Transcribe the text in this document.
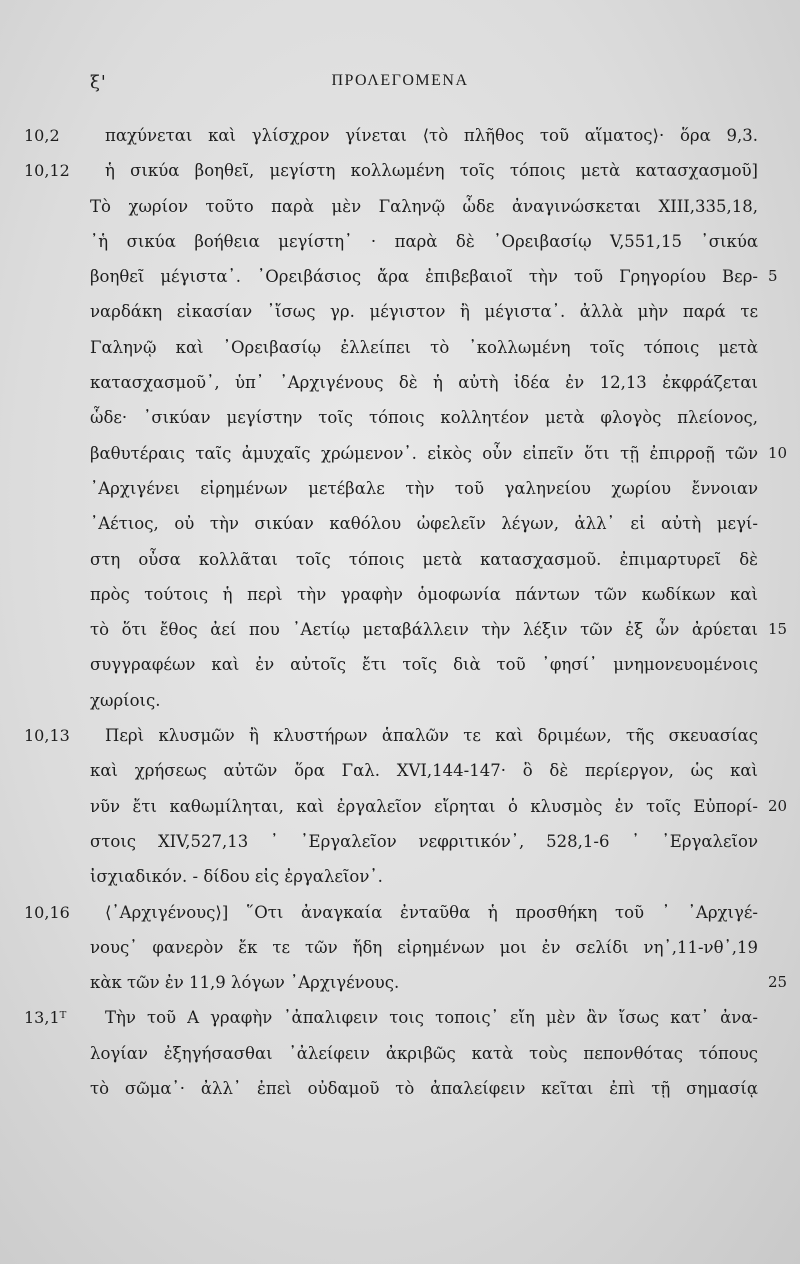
ξ'	ΠΡΟΛΕΓΟΜΕΝΑ
10,2	παχύνεται καὶ γλίσχρον γίνεται ⟨τὸ πλῆθος τοῦ αἵματος⟩· ὅρα 9,3.
10,12	ἡ σικύα βοηθεῖ, μεγίστη κολλωμένη τοῖς τόποις μετὰ κατασχασμοῦ]
Τὸ χωρίον τοῦτο παρὰ μὲν Γαληνῷ ὧδε ἀναγινώσκεται XIII,335,18,
᾿ἡ σικύα βοήθεια μεγίστη᾿ · παρὰ δὲ ᾿Ορειβασίῳ V,551,15 ᾿σικύα
βοηθεῖ μέγιστα᾿. ᾿Ορειβάσιος ἄρα ἐπιβεβαιοῖ τὴν τοῦ Γρηγορίου Βερ- 5
ναρδάκη εἰκασίαν ᾿ἴσως γρ. μέγιστον ἢ μέγιστα᾿. ἀλλὰ μὴν παρά τε
Γαληνῷ καὶ ᾿Ορειβασίῳ ἐλλείπει τὸ ᾿κολλωμένη τοῖς τόποις μετὰ
κατασχασμοῦ᾿, ὑπ᾿ ᾿Αρχιγένους δὲ ἡ αὐτὴ ἰδέα ἐν 12,13 ἐκφράζεται
ὧδε· ᾿σικύαν μεγίστην τοῖς τόποις κολλητέον μετὰ φλογὸς πλείονος,
βαθυτέραις ταῖς ἀμυχαῖς χρώμενον᾿. εἰκὸς οὖν εἰπεῖν ὅτι τῇ ἐπιρροῇ τῶν 10
᾿Αρχιγένει εἰρημένων μετέβαλε τὴν τοῦ γαληνείου χωρίου ἔννοιαν
᾿Αέτιος, οὐ τὴν σικύαν καθόλου ὠφελεῖν λέγων, ἀλλ᾿ εἰ αὐτὴ μεγί-
στη οὖσα κολλᾶται τοῖς τόποις μετὰ κατασχασμοῦ. ἐπιμαρτυρεῖ δὲ
πρὸς τούτοις ἡ περὶ τὴν γραφὴν ὁμοφωνία πάντων τῶν κωδίκων καὶ
τὸ ὅτι ἔθος ἀεί που ᾿Αετίῳ μεταβάλλειν τὴν λέξιν τῶν ἐξ ὧν ἀρύεται 15
συγγραφέων καὶ ἐν αὐτοῖς ἔτι τοῖς διὰ τοῦ ᾿φησί᾿ μνημονευομένοις
χωρίοις.
10,13	Περὶ κλυσμῶν ἢ κλυστήρων ἁπαλῶν τε καὶ δριμέων, τῆς σκευασίας
καὶ χρήσεως αὐτῶν ὅρα Γαλ. XVI,144-147· ὃ δὲ περίεργον, ὡς καὶ
νῦν ἔτι καθωμίληται, καὶ ἐργαλεῖον εἴρηται ὁ κλυσμὸς ἐν τοῖς Εὐπορί- 20
στοις XIV,527,13 ᾿ ᾿Εργαλεῖον νεφριτικόν᾿, 528,1-6 ᾿ ᾿Εργαλεῖον
ἰσχιαδικόν. - δίδου εἰς ἐργαλεῖον᾿.
10,16	⟨᾿Αρχιγένους⟩] ῞Οτι ἀναγκαία ἐνταῦθα ἡ προσθήκη τοῦ ᾿ ᾿Αρχιγέ-
νους᾿ φανερὸν ἔκ τε τῶν ἤδη εἰρημένων μοι ἐν σελίδι νη᾿,11-νθ᾿,19
κὰκ τῶν ἐν 11,9 λόγων ᾿Αρχιγένους.	25
13,1ᵀ	Τὴν τοῦ Α γραφὴν ᾿ἀπαλιφειν τοις τοποις᾿ εἴη μὲν ἂν ἴσως κατ᾿ ἀνα-
λογίαν ἐξηγήσασθαι ᾿ἀλείφειν ἀκριβῶς κατὰ τοὺς πεπονθότας τόπους
τὸ σῶμα᾿· ἀλλ᾿ ἐπεὶ οὐδαμοῦ τὸ ἀπαλείφειν κεῖται ἐπὶ τῇ σημασίᾳ
